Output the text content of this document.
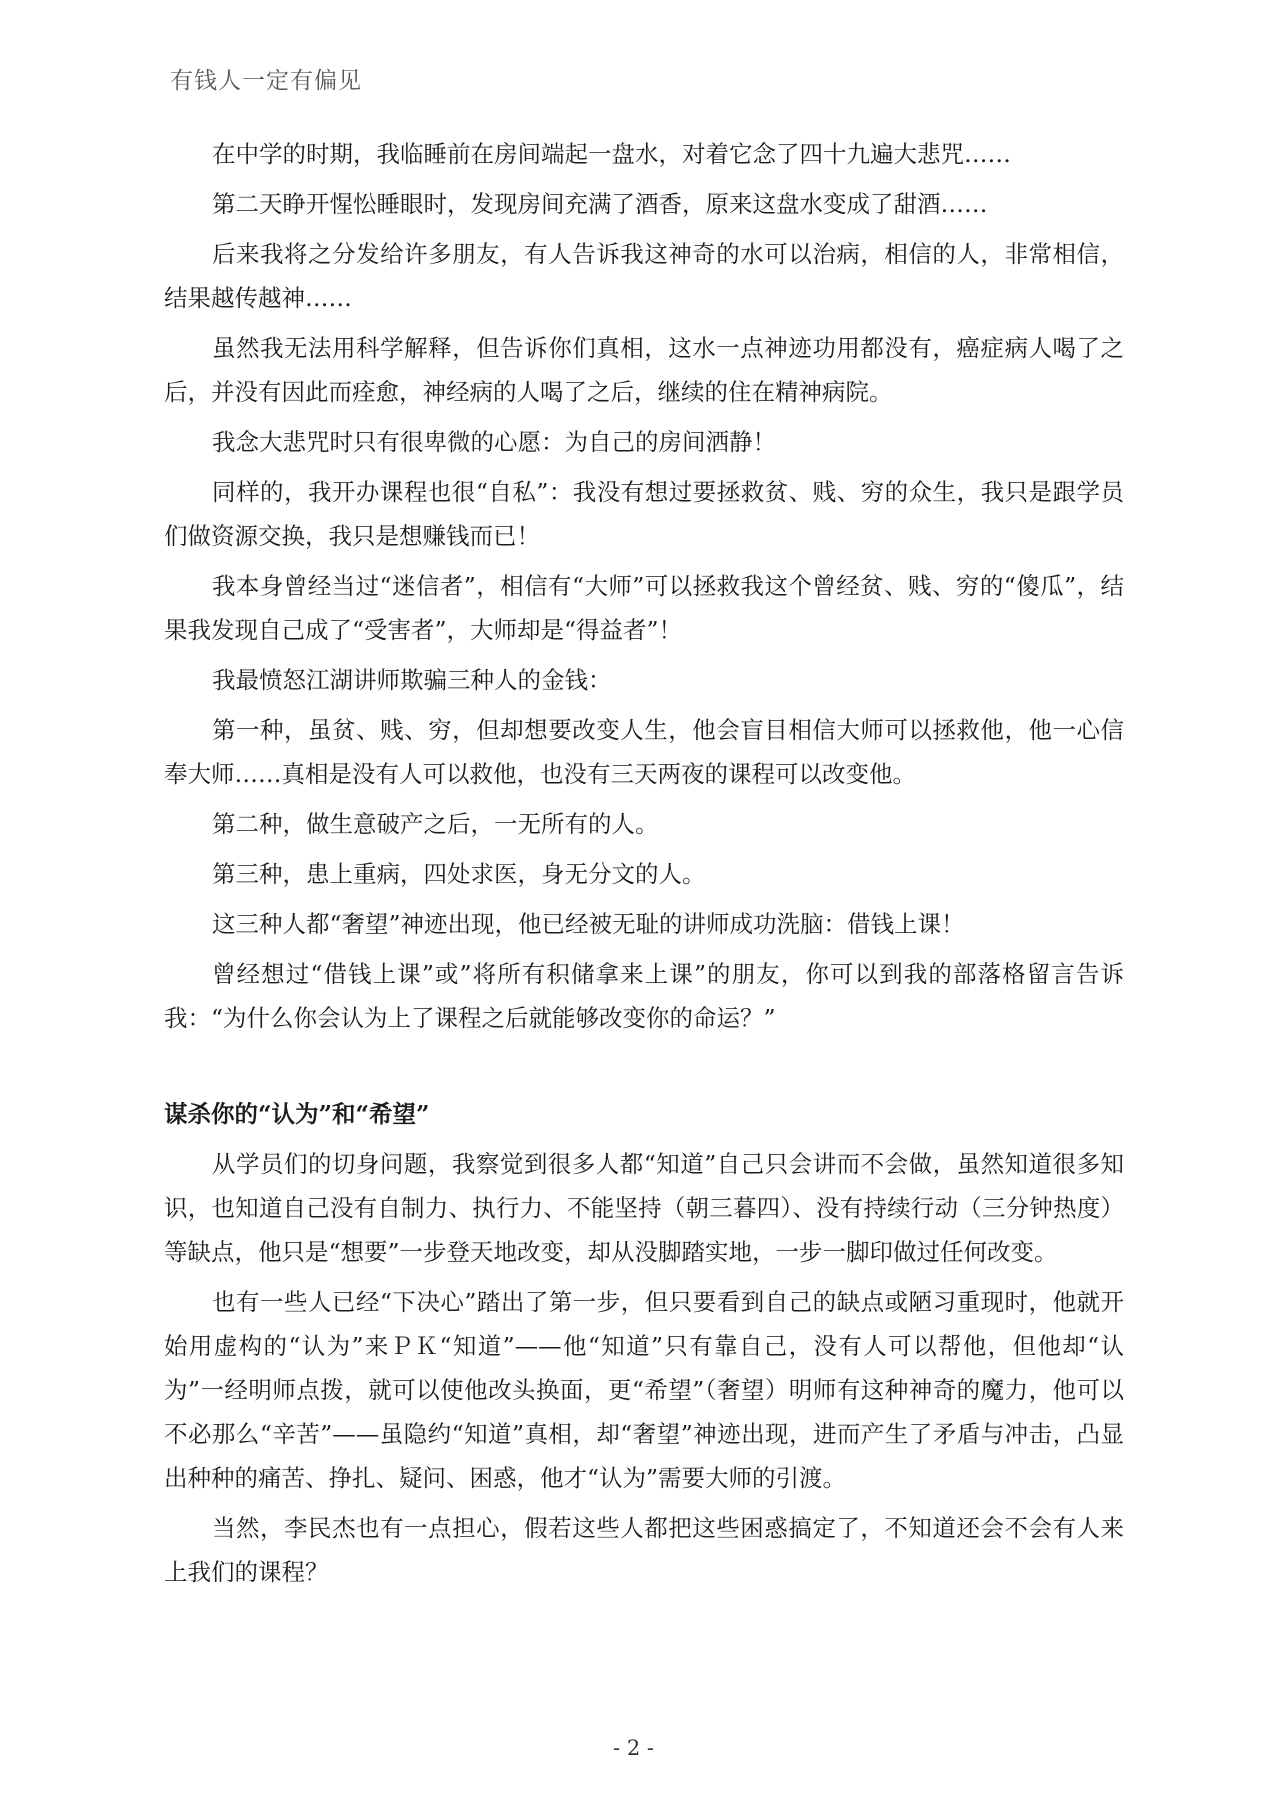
有钱人一定有偏见

在中学的时期，我临睡前在房间端起一盘水，对着它念了四十九遍大悲咒……

第二天睁开惺忪睡眼时，发现房间充满了酒香，原来这盘水变成了甜酒……

后来我将之分发给许多朋友，有人告诉我这神奇的水可以治病，相信的人，非常相信，结果越传越神……

虽然我无法用科学解释，但告诉你们真相，这水一点神迹功用都没有，癌症病人喝了之后，并没有因此而痊愈，神经病的人喝了之后，继续的住在精神病院。

我念大悲咒时只有很卑微的心愿：为自己的房间洒静！

同样的，我开办课程也很“自私”：我没有想过要拯救贫、贱、穷的众生，我只是跟学员们做资源交换，我只是想赚钱而已！

我本身曾经当过“迷信者”，相信有“大师”可以拯救我这个曾经贫、贱、穷的“傻瓜”，结果我发现自己成了“受害者”，大师却是“得益者”！

我最愤怒江湖讲师欺骗三种人的金钱：

第一种，虽贫、贱、穷，但却想要改变人生，他会盲目相信大师可以拯救他，他一心信奉大师……真相是没有人可以救他，也没有三天两夜的课程可以改变他。

第二种，做生意破产之后，一无所有的人。

第三种，患上重病，四处求医，身无分文的人。

这三种人都“奢望”神迹出现，他已经被无耻的讲师成功洗脑：借钱上课！

曾经想过“借钱上课”或”将所有积储拿来上课”的朋友，你可以到我的部落格留言告诉我：“为什么你会认为上了课程之后就能够改变你的命运？”

谋杀你的“认为”和“希望”

从学员们的切身问题，我察觉到很多人都“知道”自己只会讲而不会做，虽然知道很多知识，也知道自己没有自制力、执行力、不能坚持（朝三暮四）、没有持续行动（三分钟热度）等缺点，他只是“想要”一步登天地改变，却从没脚踏实地，一步一脚印做过任何改变。

也有一些人已经“下决心”踏出了第一步，但只要看到自己的缺点或陋习重现时，他就开始用虚构的“认为”来ＰＫ“知道”——他“知道”只有靠自己，没有人可以帮他，但他却“认为”一经明师点拨，就可以使他改头换面，更“希望”（奢望）明师有这种神奇的魔力，他可以不必那么“辛苦”——虽隐约“知道”真相，却“奢望”神迹出现，进而产生了矛盾与冲击，凸显出种种的痛苦、挣扎、疑问、困惑，他才“认为”需要大师的引渡。

当然，李民杰也有一点担心，假若这些人都把这些困惑搞定了，不知道还会不会有人来上我们的课程？

- 2 -
